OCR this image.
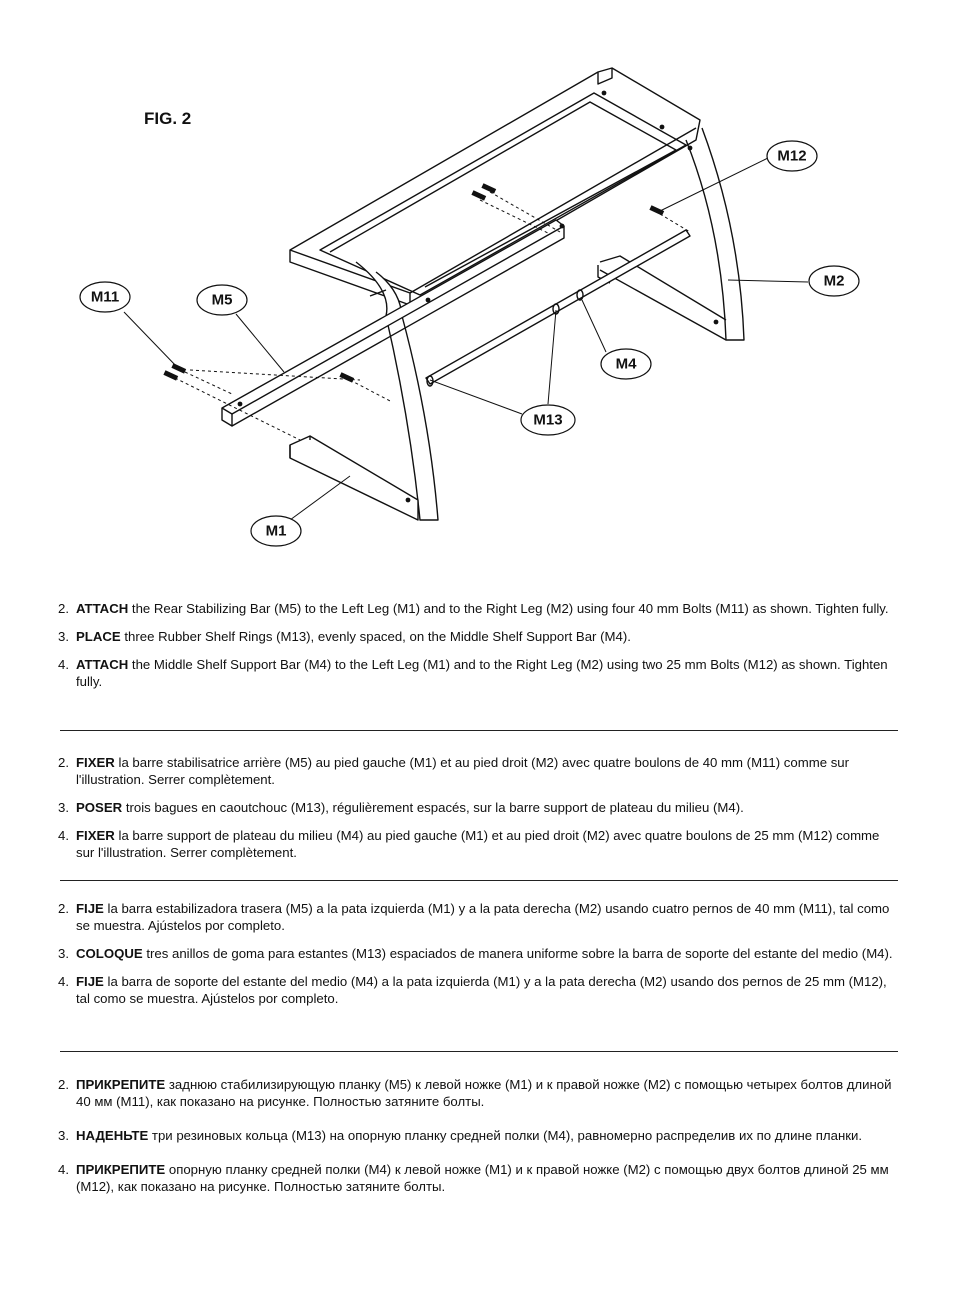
FIG. 2
M12
M2
M11	M5
M4
M13
M1

2. ATTACH the Rear Stabilizing Bar (M5) to the Left Leg (M1) and to the Right Leg (M2) using four 40 mm Bolts (M11) as shown. Tighten fully.

3. PLACE three Rubber Shelf Rings (M13), evenly spaced, on the Middle Shelf Support Bar (M4).

4. ATTACH the Middle Shelf Support Bar (M4) to the Left Leg (M1) and to the Right Leg (M2) using two 25 mm Bolts (M12) as shown. Tighten fully.

2. FIXER la barre stabilisatrice arrière (M5) au pied gauche (M1) et au pied droit (M2) avec quatre boulons de 40 mm (M11) comme sur l'illustration. Serrer complètement.

3. POSER trois bagues en caoutchouc (M13), régulièrement espacés, sur la barre support de plateau du milieu (M4).

4. FIXER la barre support de plateau du milieu (M4) au pied gauche (M1) et au pied droit (M2) avec quatre boulons de 25 mm (M12) comme sur l'illustration. Serrer complètement.

2. FIJE la barra estabilizadora trasera (M5) a la pata izquierda (M1) y a la pata derecha (M2) usando cuatro pernos de 40 mm (M11), tal como se muestra. Ajústelos por completo.

3. COLOQUE tres anillos de goma para estantes (M13) espaciados de manera uniforme sobre la barra de soporte del estante del medio (M4).

4. FIJE la barra de soporte del estante del medio (M4) a la pata izquierda (M1) y a la pata derecha (M2) usando dos pernos de 25 mm (M12), tal como se muestra. Ajústelos por completo.

2. ПРИКРЕПИТЕ заднюю стабилизирующую планку (M5) к левой ножке (M1) и к правой ножке (M2) с помощью четырех болтов длиной 40 мм (M11), как показано на рисунке. Полностью затяните болты.

3. НАДЕНЬТЕ три резиновых кольца (M13) на опорную планку средней полки (M4), равномерно распределив их по длине планки.

4. ПРИКРЕПИТЕ опорную планку средней полки (M4) к левой ножке (M1) и к правой ножке (M2) с помощью двух болтов длиной 25 мм (M12), как показано на рисунке. Полностью затяните болты.
